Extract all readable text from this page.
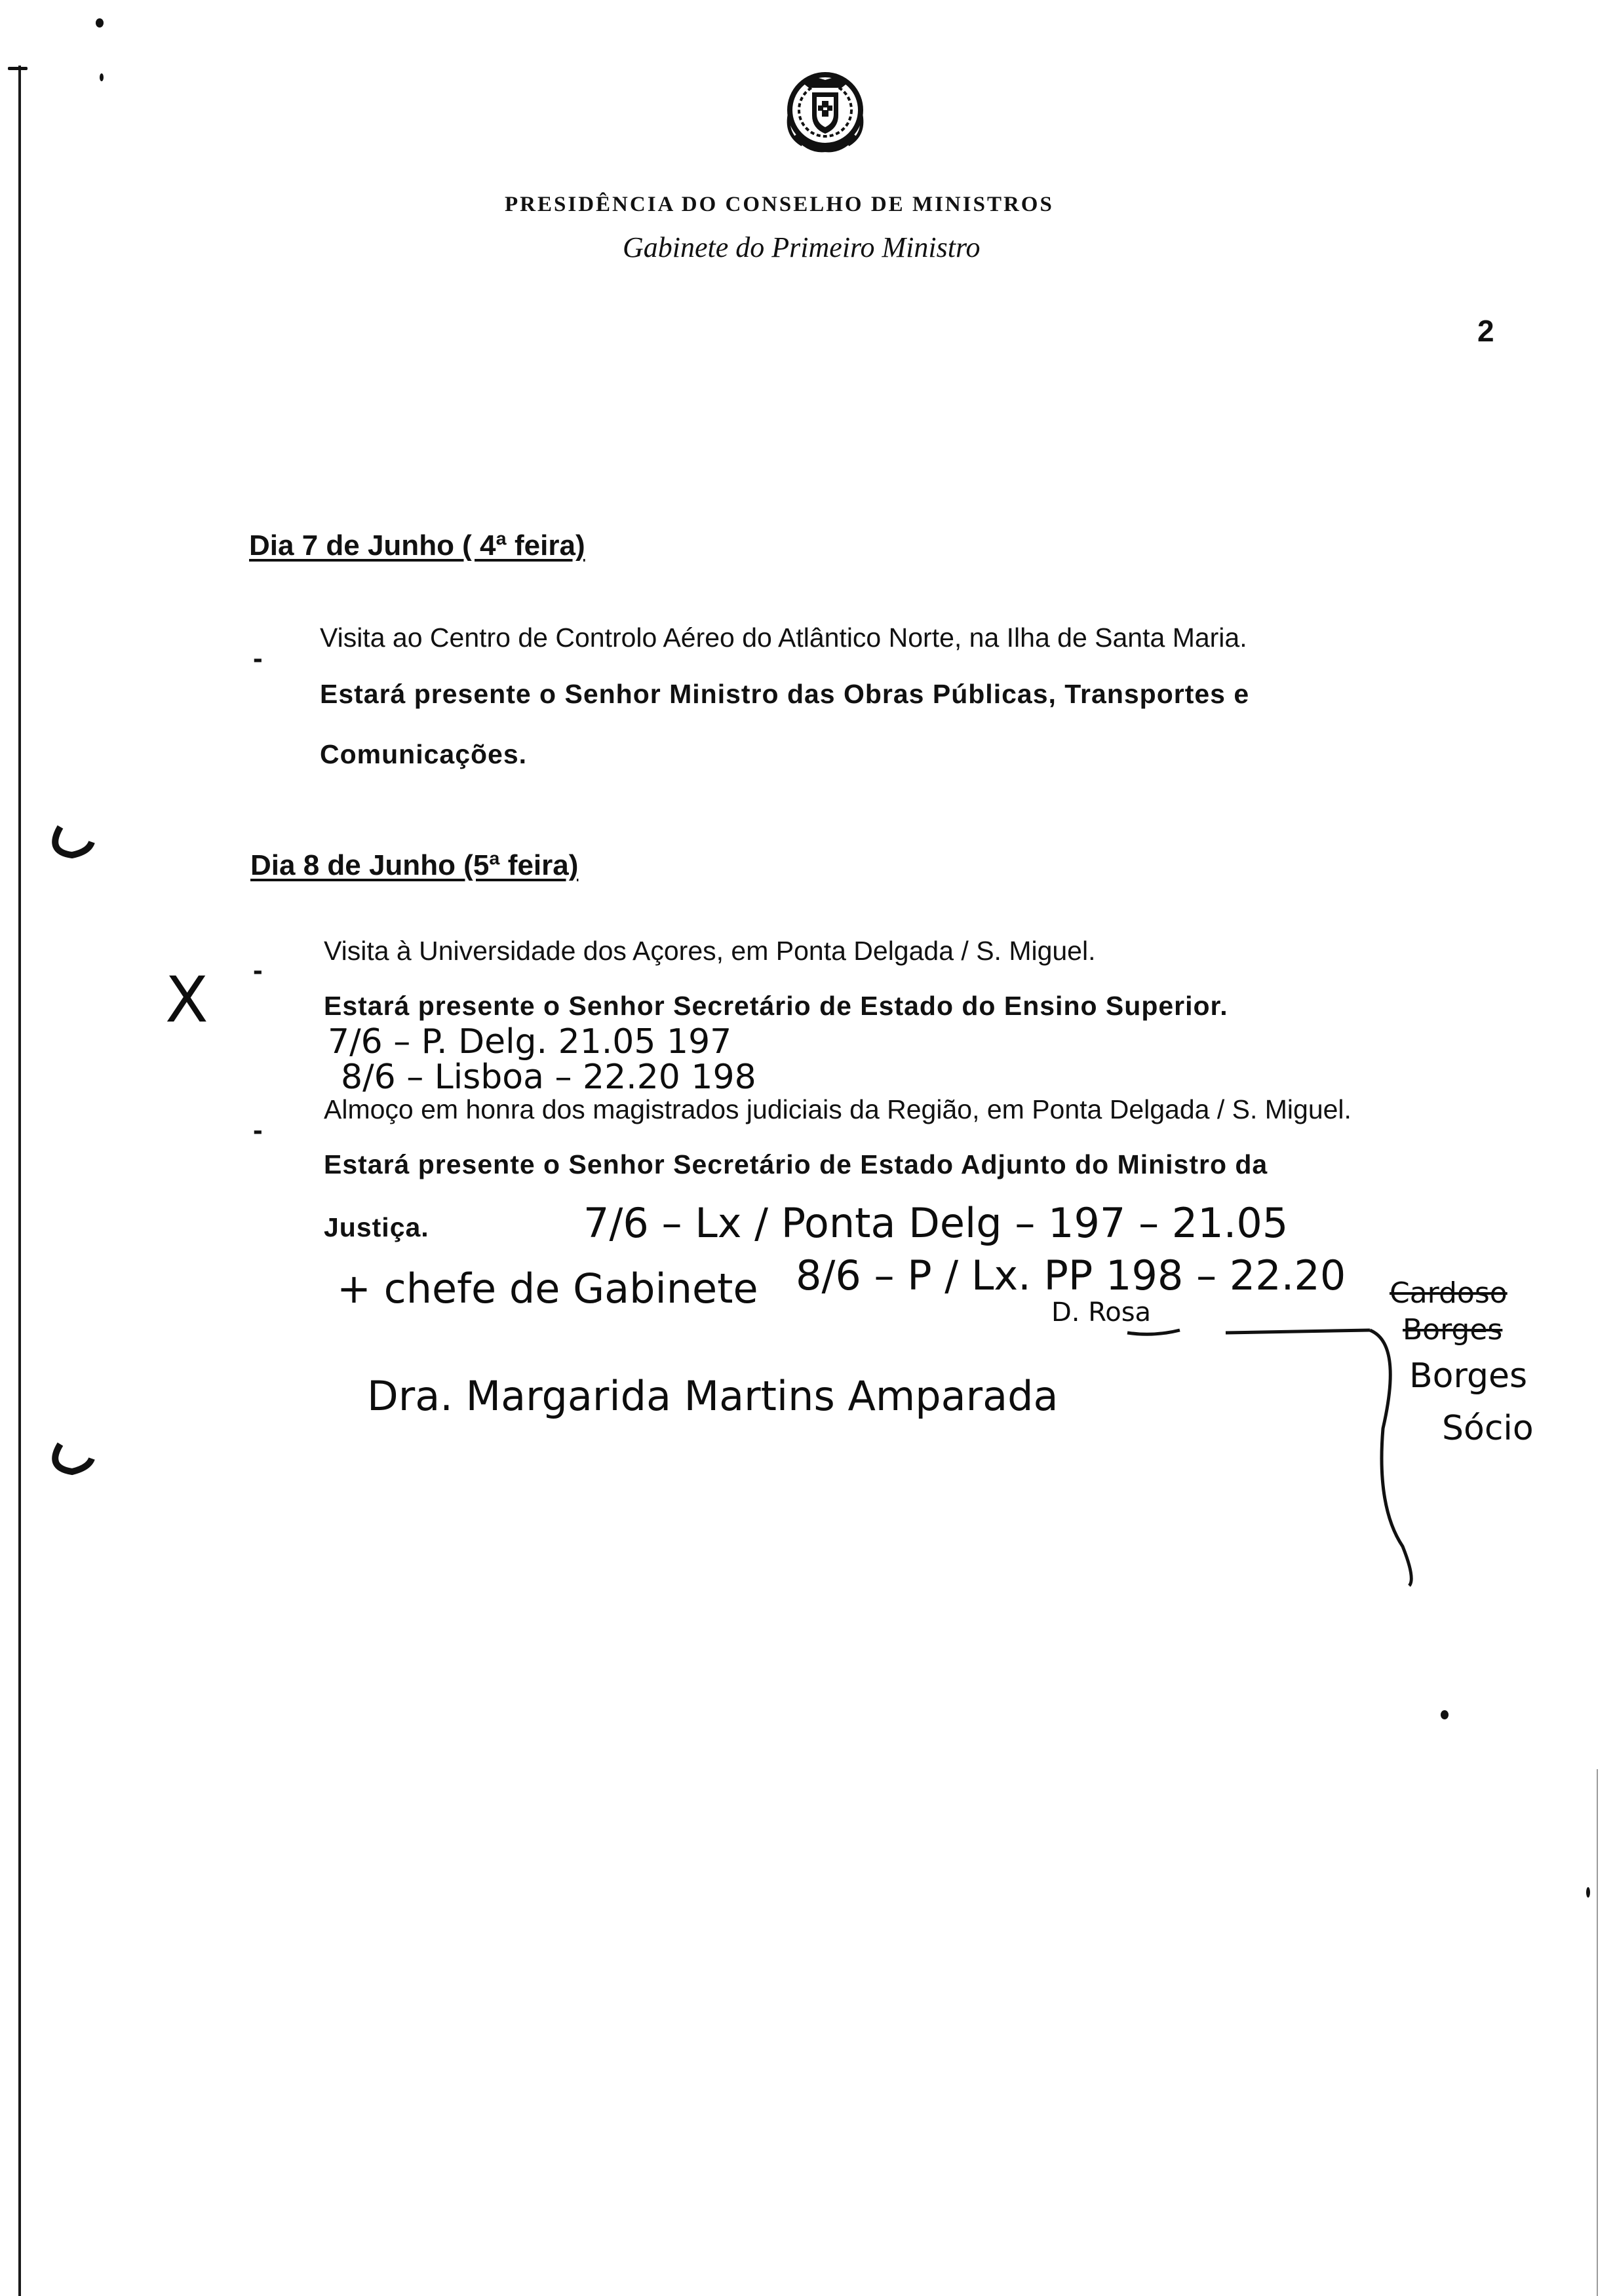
PRESIDÊNCIA DO CONSELHO DE MINISTROS
Gabinete do Primeiro Ministro
2
Dia 7 de Junho ( 4ª feira)
-
Visita ao Centro de Controlo Aéreo do Atlântico Norte, na Ilha de Santa Maria.
Estará presente o Senhor Ministro das Obras Públicas, Transportes e
Comunicações.
Dia 8 de Junho (5ª feira)
-
Visita à Universidade dos Açores, em Ponta Delgada / S. Miguel.
Estará presente o Senhor Secretário de Estado do Ensino Superior.
-
Almoço em honra dos magistrados judiciais da Região, em Ponta Delgada / S. Miguel.
Estará presente o Senhor Secretário de Estado Adjunto do Ministro da
Justiça.
X
7/6 – P. Delg. 21.05 197
8/6 – Lisboa – 22.20 198
7/6 – Lx / Ponta Delg – 197 – 21.05
+ chefe de Gabinete 8/6 – P / Lx. PP 198 – 22.20
D. Rosa
Cardoso
Borges
Borges
Sócio
Dra. Margarida Martins Amparada
